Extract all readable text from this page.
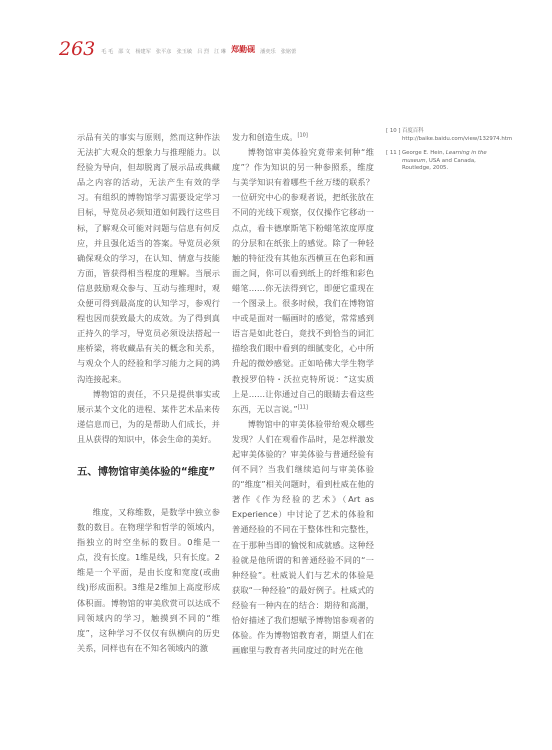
263 毛 毛 邵 文 杨建军 张平彦 张玉敏 吕 烈 江 琳 郑勤砚 潘奕乐 张铭蕾

示品有关的事实与原则，然而这种作法无法扩大观众的想象力与推理能力。以经验为导向，但却脱离了展示品或典藏品之内容的活动，无法产生有效的学习。有组织的博物馆学习需要设定学习目标，导览员必须知道如何践行这些目标，了解观众可能对问题与信息有何反应，并且强化适当的答案。导览员必须确保观众的学习，在认知、情意与技能方面，皆获得相当程度的理解。当展示信息鼓励观众参与、互动与推理时，观众便可得到最高度的认知学习，参观行程也因而获致最大的成效。为了得到真正持久的学习，导览员必须设法搭起一座桥梁，将收藏品有关的概念和关系，与观众个人的经验和学习能力之间的鸿沟连接起来。

博物馆的责任，不只是提供事实或展示某个文化的进程、某件艺术品来传递信息而已，为的是帮助人们成长，并且从获得的知识中，体会生命的美好。

五、博物馆审美体验的“维度”

维度，又称维数，是数学中独立参数的数目。在物理学和哲学的领域内，指独立的时空坐标的数目。0维是一点，没有长度。1维是线，只有长度。2维是一个平面，是由长度和宽度(或曲线)形成面积。3维是2维加上高度形成体积面。博物馆的审美欣赏可以达成不同领域内的学习，触摸到不同的“维度”，这种学习不仅仅有纵横向的历史关系，同样也有在不知名领域内的激

发力和创造生成。[10]

博物馆审美体验究竟带来何种“维度”？作为知识的另一种参照系，维度与美学知识有着哪些千丝万缕的联系？一位研究中心的参观者说，把纸张放在不同的光线下观察，仅仅操作它移动一点点，看卡德摩斯笔下粉蜡笔浓度厚度的分层和在纸张上的感觉。除了一种轻触的特征没有其他东西横亘在色彩和画面之间，你可以看到纸上的纤维和彩色蜡笔……你无法得到它，即便它重现在一个图录上。很多时候，我们在博物馆中或是面对一幅画时的感觉，常常感到语言是如此苍白，竟找不到恰当的词汇描绘我们眼中看到的细腻变化，心中所升起的微妙感觉。正如哈佛大学生物学教授罗伯特・沃拉克特所说：“这实质上是……让你通过自己的眼睛去看这些东西，无以言说。”[11]

博物馆中的审美体验带给观众哪些发现？人们在观看作品时，是怎样激发起审美体验的？审美体验与普通经验有何不同？当我们继续追问与审美体验的“维度”相关问题时，看到杜威在他的著作《作为经验的艺术》（Art as Experience）中讨论了艺术的体验和普通经验的不同在于整体性和完整性，在于那种当即的愉悦和成就感。这种经验就是他所谓的和普通经验不同的“一种经验”。杜威说人们与艺术的体验是获取“一种经验”的最好例子。杜威式的经验有一种内在的结合：期待和高潮，恰好描述了我们想赋予博物馆参观者的体验。作为博物馆教育者，期望人们在画廊里与教育者共同度过的时光在他

[ 10 ] 百度百科http://baike.baidu.com/view/132974.htm
[ 11 ] George E. Hein, Learning in the museum, USA and Canada, Routledge, 2005.
